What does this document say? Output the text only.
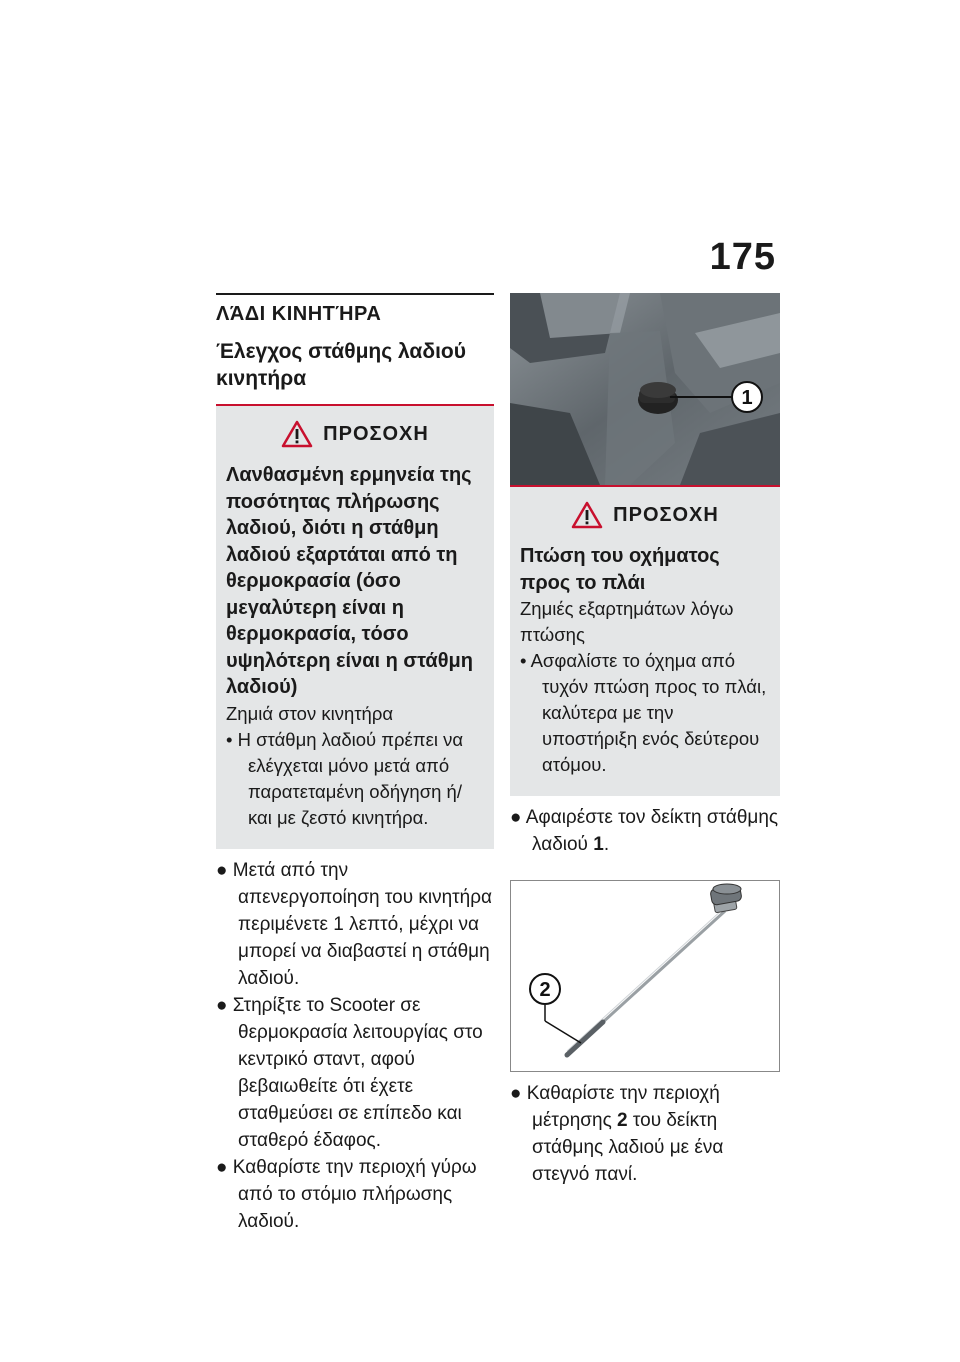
175
ΛΆΔΙ ΚΙΝΗΤΉΡΑ
Έλεγχος στάθμης λαδιού κινητήρα
ΠΡΟΣΟΧΗ
Λανθασμένη ερμηνεία της ποσότητας πλήρωσης λαδιού, διότι η στάθμη λαδιού εξαρτάται από τη θερμοκρασία (όσο μεγαλύτερη είναι η θερμοκρασία, τόσο υψηλότερη είναι η στάθμη λαδιού)
Ζημιά στον κινητήρα
• Η στάθμη λαδιού πρέπει να ελέγχεται μόνο μετά από παρατεταμένη οδήγηση ή/και με ζεστό κινητήρα.
● Μετά από την απενεργοποίηση του κινητήρα περιμένετε 1 λεπτό, μέχρι να μπορεί να διαβαστεί η στάθμη λαδιού.
● Στηρίξτε το Scooter σε θερμοκρασία λειτουργίας στο κεντρικό σταντ, αφού βεβαιωθείτε ότι έχετε σταθμεύσει σε επίπεδο και σταθερό έδαφος.
● Καθαρίστε την περιοχή γύρω από το στόμιο πλήρωσης λαδιού.
1
ΠΡΟΣΟΧΗ
Πτώση του οχήματος προς το πλάι
Ζημιές εξαρτημάτων λόγω πτώσης
• Ασφαλίστε το όχημα από τυχόν πτώση προς το πλάι, καλύτερα με την υποστήριξη ενός δεύτερου ατόμου.
● Αφαιρέστε τον δείκτη στάθμης λαδιού 1.
2
● Καθαρίστε την περιοχή μέτρησης 2 του δείκτη στάθμης λαδιού με ένα στεγνό πανί.
